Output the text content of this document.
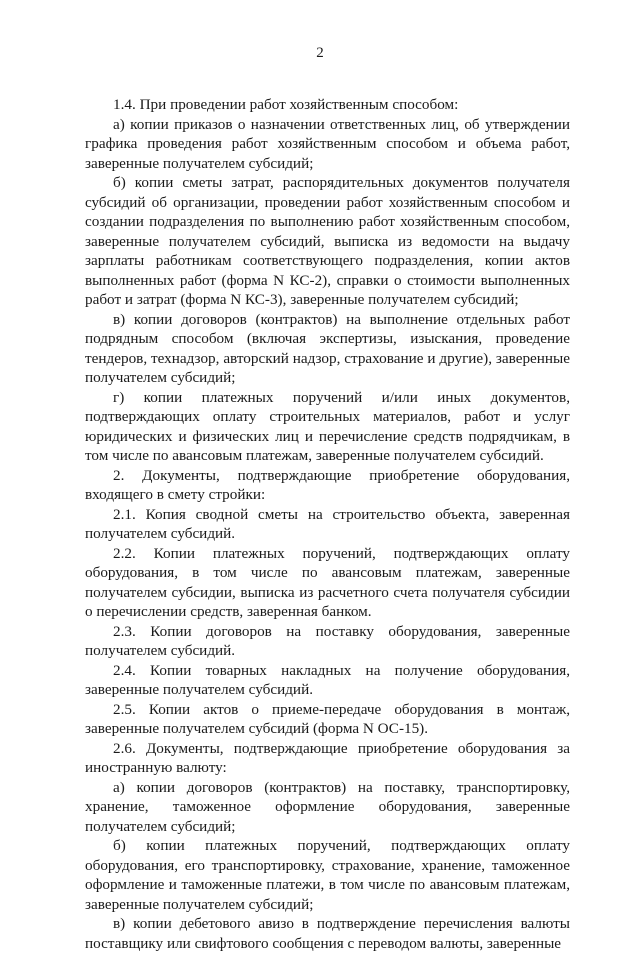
2

1.4. При проведении работ хозяйственным способом:

а) копии приказов о назначении ответственных лиц, об утверждении графика проведения работ хозяйственным способом и объема работ, заверенные получателем субсидий;

б) копии сметы затрат, распорядительных документов получателя субсидий об организации, проведении работ хозяйственным способом и создании подразделения по выполнению работ хозяйственным способом, заверенные получателем субсидий, выписка из ведомости на выдачу зарплаты работникам соответствующего подразделения, копии актов выполненных работ (форма N КС-2), справки о стоимости выполненных работ и затрат (форма N КС-3), заверенные получателем субсидий;

в) копии договоров (контрактов) на выполнение отдельных работ подрядным способом (включая экспертизы, изыскания, проведение тендеров, технадзор, авторский надзор, страхование и другие), заверенные получателем субсидий;

г) копии платежных поручений и/или иных документов, подтверждающих оплату строительных материалов, работ и услуг юридических и физических лиц и перечисление средств подрядчикам, в том числе по авансовым платежам, заверенные получателем субсидий.

2. Документы, подтверждающие приобретение оборудования, входящего в смету стройки:

2.1. Копия сводной сметы на строительство объекта, заверенная получателем субсидий.

2.2. Копии платежных поручений, подтверждающих оплату оборудования, в том числе по авансовым платежам, заверенные получателем субсидии, выписка из расчетного счета получателя субсидии о перечислении средств, заверенная банком.

2.3. Копии договоров на поставку оборудования, заверенные получателем субсидий.

2.4. Копии товарных накладных на получение оборудования, заверенные получателем субсидий.

2.5. Копии актов о приеме-передаче оборудования в монтаж, заверенные получателем субсидий (форма N ОС-15).

2.6. Документы, подтверждающие приобретение оборудования за иностранную валюту:

а) копии договоров (контрактов) на поставку, транспортировку, хранение, таможенное оформление оборудования, заверенные получателем субсидий;

б) копии платежных поручений, подтверждающих оплату оборудования, его транспортировку, страхование, хранение, таможенное оформление и таможенные платежи, в том числе по авансовым платежам, заверенные получателем субсидий;

в) копии дебетового авизо в подтверждение перечисления валюты поставщику или свифтового сообщения с переводом валюты, заверенные
